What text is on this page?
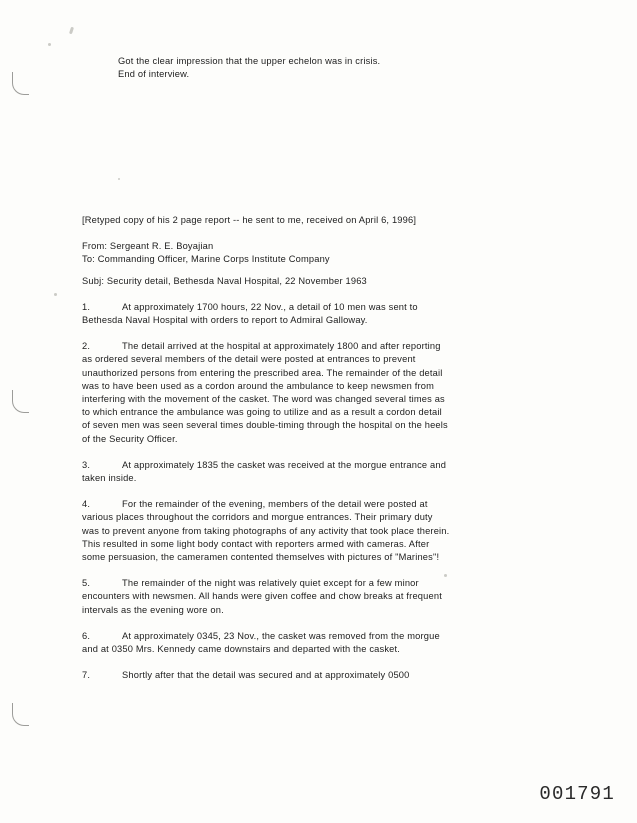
Got the clear impression that the upper echelon was in crisis.

End of interview.

[Retyped copy of his 2 page report -- he sent to me, received on April 6, 1996]

From: Sergeant R. E. Boyajian

To: Commanding Officer, Marine Corps Institute Company

Subj: Security detail, Bethesda Naval Hospital, 22 November 1963

1.	At approximately 1700 hours, 22 Nov., a detail of 10 men was sent to Bethesda Naval Hospital with orders to report to Admiral Galloway.

2.	The detail arrived at the hospital at approximately 1800 and after reporting as ordered several members of the detail were posted at entrances to prevent unauthorized persons from entering the prescribed area. The remainder of the detail was to have been used as a cordon around the ambulance to keep newsmen from interfering with the movement of the casket. The word was changed several times as to which entrance the ambulance was going to utilize and as a result a cordon detail of seven men was seen several times double-timing through the hospital on the heels of the Security Officer.

3.	At approximately 1835 the casket was received at the morgue entrance and taken inside.

4.	For the remainder of the evening, members of the detail were posted at various places throughout the corridors and morgue entrances. Their primary duty was to prevent anyone from taking photographs of any activity that took place therein. This resulted in some light body contact with reporters armed with cameras. After some persuasion, the cameramen contented themselves with pictures of "Marines"!

5.	The remainder of the night was relatively quiet except for a few minor encounters with newsmen. All hands were given coffee and chow breaks at frequent intervals as the evening wore on.

6.	At approximately 0345, 23 Nov., the casket was removed from the morgue and at 0350 Mrs. Kennedy came downstairs and departed with the casket.

7.	Shortly after that the detail was secured and at approximately 0500

001791
